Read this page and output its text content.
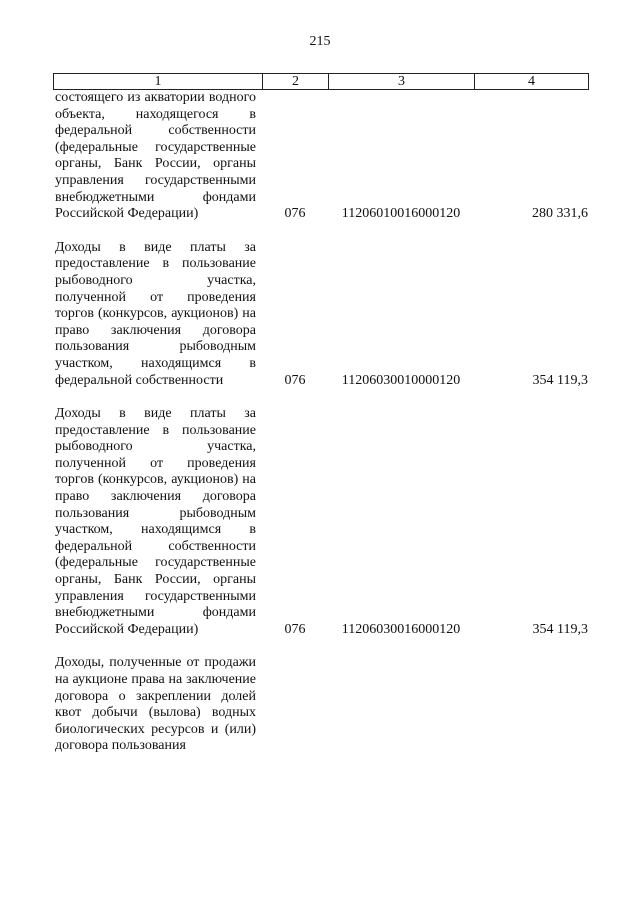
215
1	2	3	4
состоящего из акватории водного объекта, находящегося в федеральной собственности (федеральные государственные органы, Банк России, органы управления государственными внебюджетными фондами Российской Федерации)	076	11206010016000120	280 331,6
Доходы в виде платы за предоставление в пользование рыбоводного участка, полученной от проведения торгов (конкурсов, аукционов) на право заключения договора пользования рыбоводным участком, находящимся в федеральной собственности	076	11206030010000120	354 119,3
Доходы в виде платы за предоставление в пользование рыбоводного участка, полученной от проведения торгов (конкурсов, аукционов) на право заключения договора пользования рыбоводным участком, находящимся в федеральной собственности (федеральные государственные органы, Банк России, органы управления государственными внебюджетными фондами Российской Федерации)	076	11206030016000120	354 119,3
Доходы, полученные от продажи на аукционе права на заключение договора о закреплении долей квот добычи (вылова) водных биологических ресурсов и (или) договора пользования
